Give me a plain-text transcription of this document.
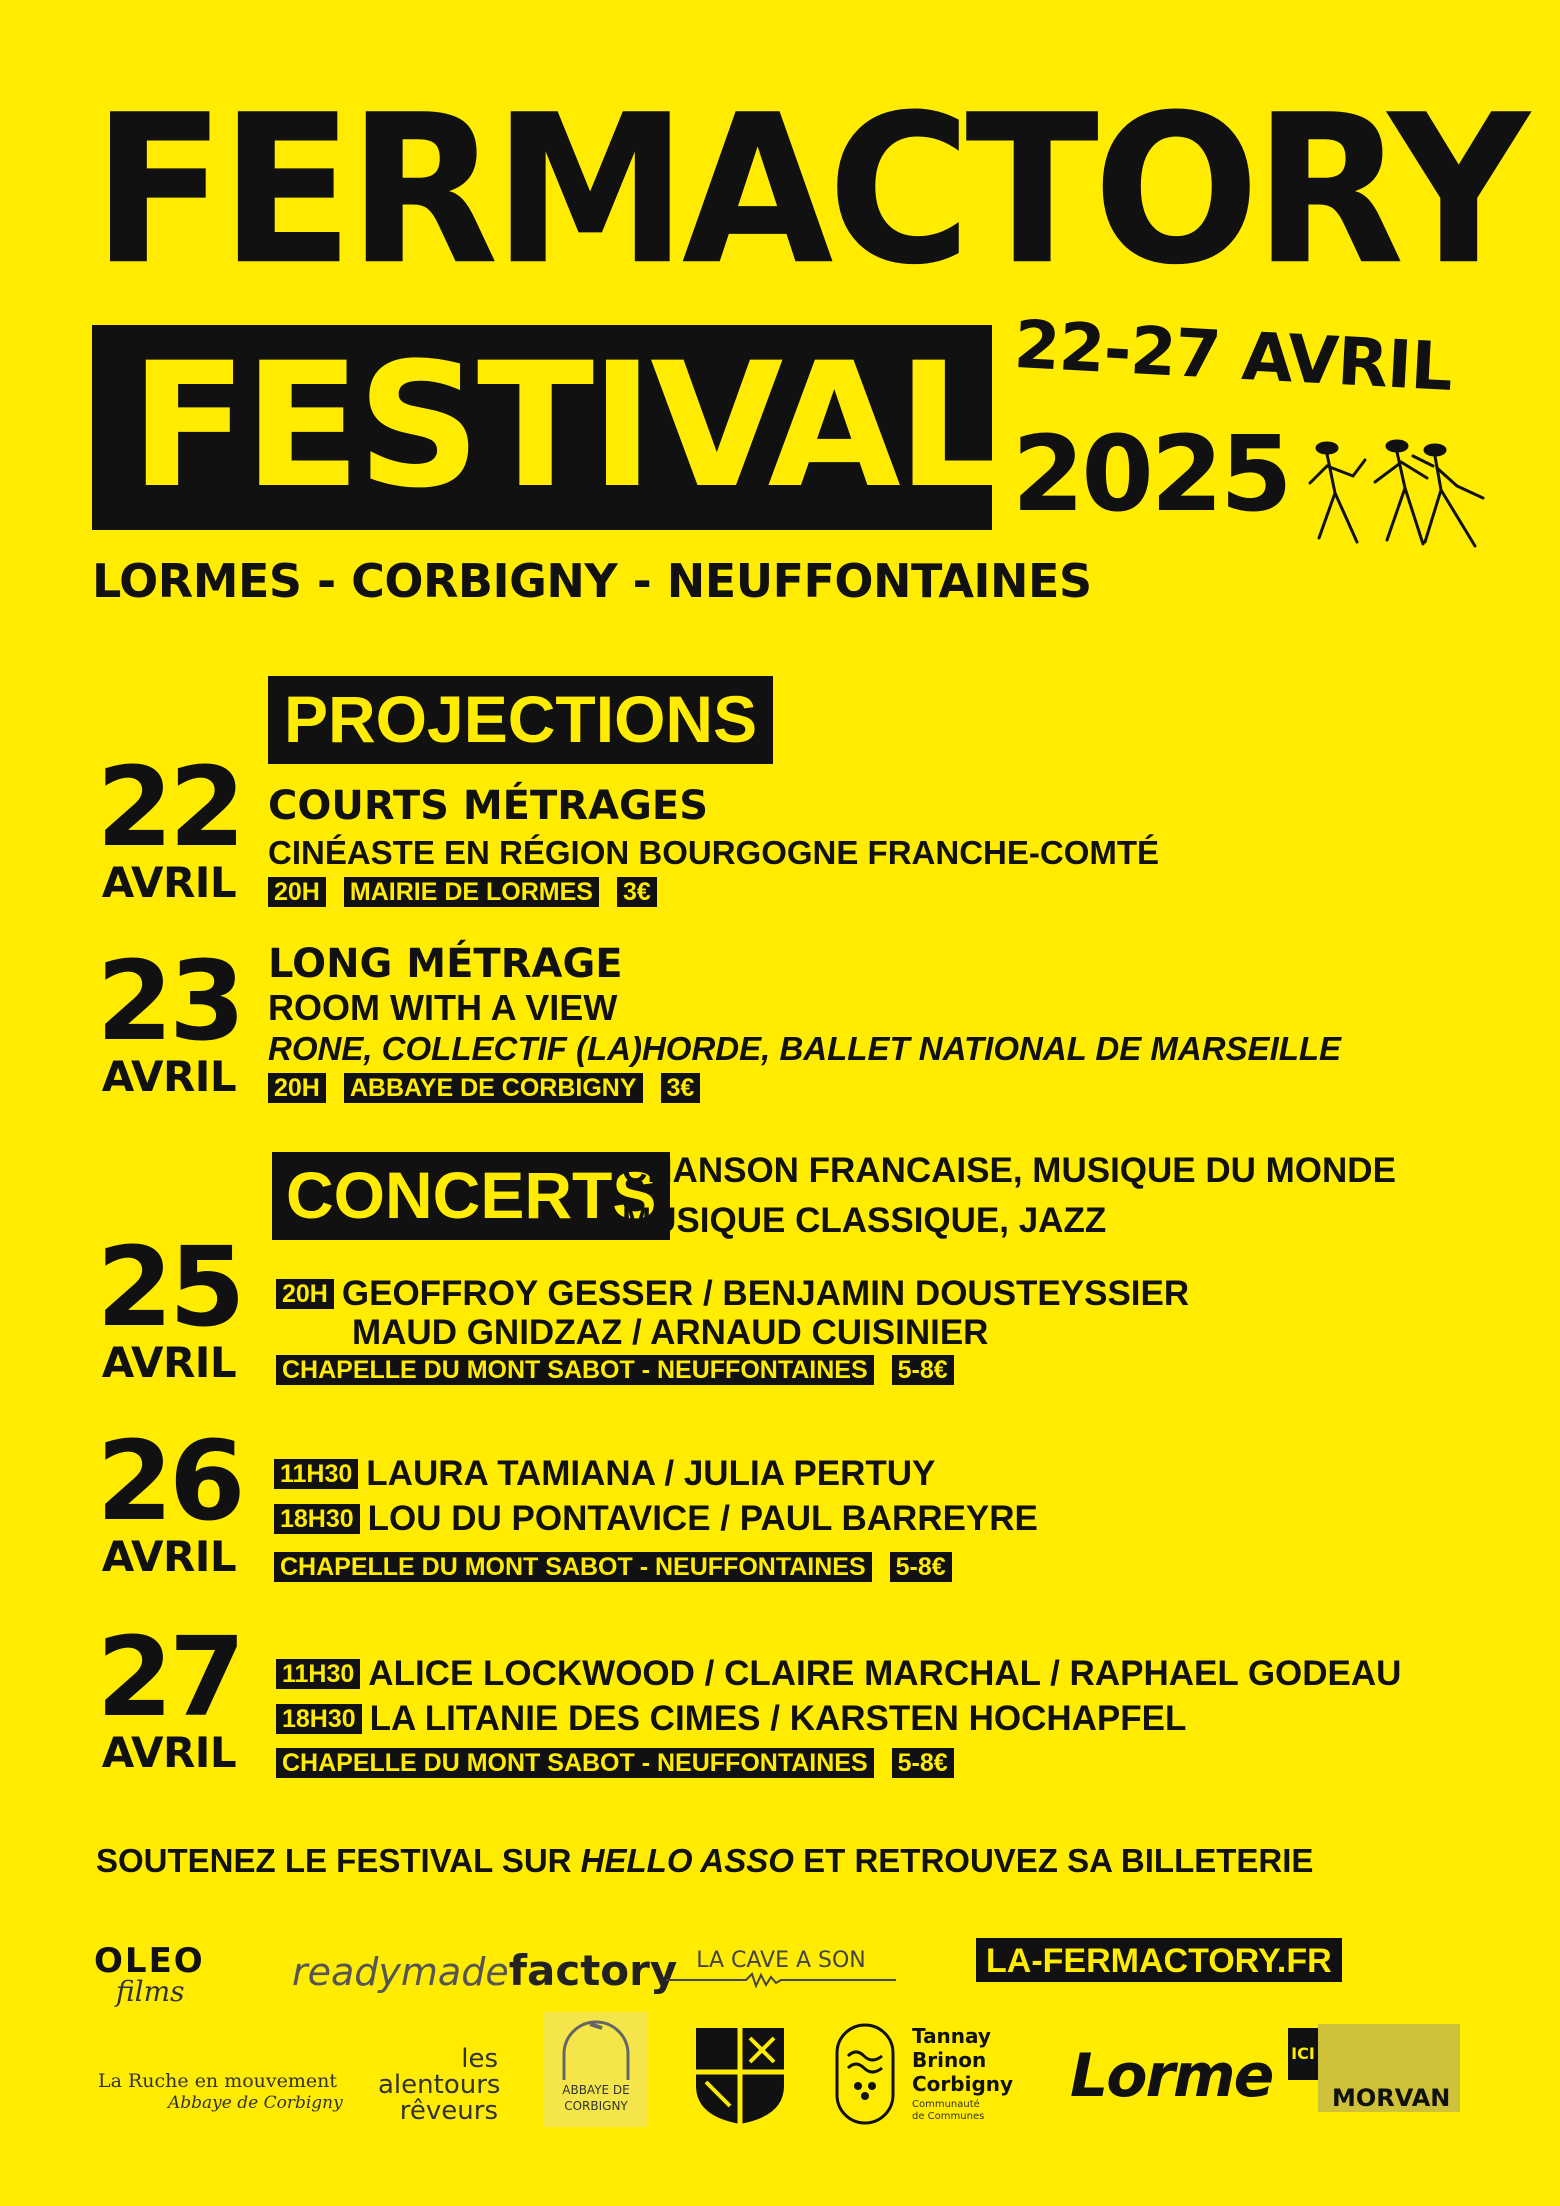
FERMACTORY
FESTIVAL 22-27 AVRIL
2025
LORMES - CORBIGNY - NEUFFONTAINES
PROJECTIONS
22
AVRIL
COURTS MÉTRAGES
CINÉASTE EN RÉGION BOURGOGNE FRANCHE-COMTÉ
20H MAIRIE DE LORMES 3€
23
AVRIL
LONG MÉTRAGE
ROOM WITH A VIEW
RONE, COLLECTIF (LA)HORDE, BALLET NATIONAL DE MARSEILLE
20H ABBAYE DE CORBIGNY 3€
CONCERTS
CHANSON FRANCAISE, MUSIQUE DU MONDE
MUSIQUE CLASSIQUE, JAZZ
25
AVRIL
20H GEOFFROY GESSER / BENJAMIN DOUSTEYSSIER
MAUD GNIDZAZ / ARNAUD CUISINIER
CHAPELLE DU MONT SABOT - NEUFFONTAINES 5-8€
26
AVRIL
11H30 LAURA TAMIANA / JULIA PERTUY
18H30 LOU DU PONTAVICE / PAUL BARREYRE
CHAPELLE DU MONT SABOT - NEUFFONTAINES 5-8€
27
AVRIL
11H30 ALICE LOCKWOOD / CLAIRE MARCHAL / RAPHAEL GODEAU
18H30 LA LITANIE DES CIMES / KARSTEN HOCHAPFEL
CHAPELLE DU MONT SABOT - NEUFFONTAINES 5-8€
SOUTENEZ LE FESTIVAL SUR HELLO ASSO ET RETROUVEZ SA BILLETERIE
OLEO
films	readymadefactory LA CAVE A SON	LA-FERMACTORY.FR
La Ruche en mouvement
Abbaye de Corbigny
les
alentours
rêveurs
ABBAYE DE
CORBIGNY
Tannay
Brinon
Corbigny
Communauté
de Communes
Lorme ICI
MORVAN
